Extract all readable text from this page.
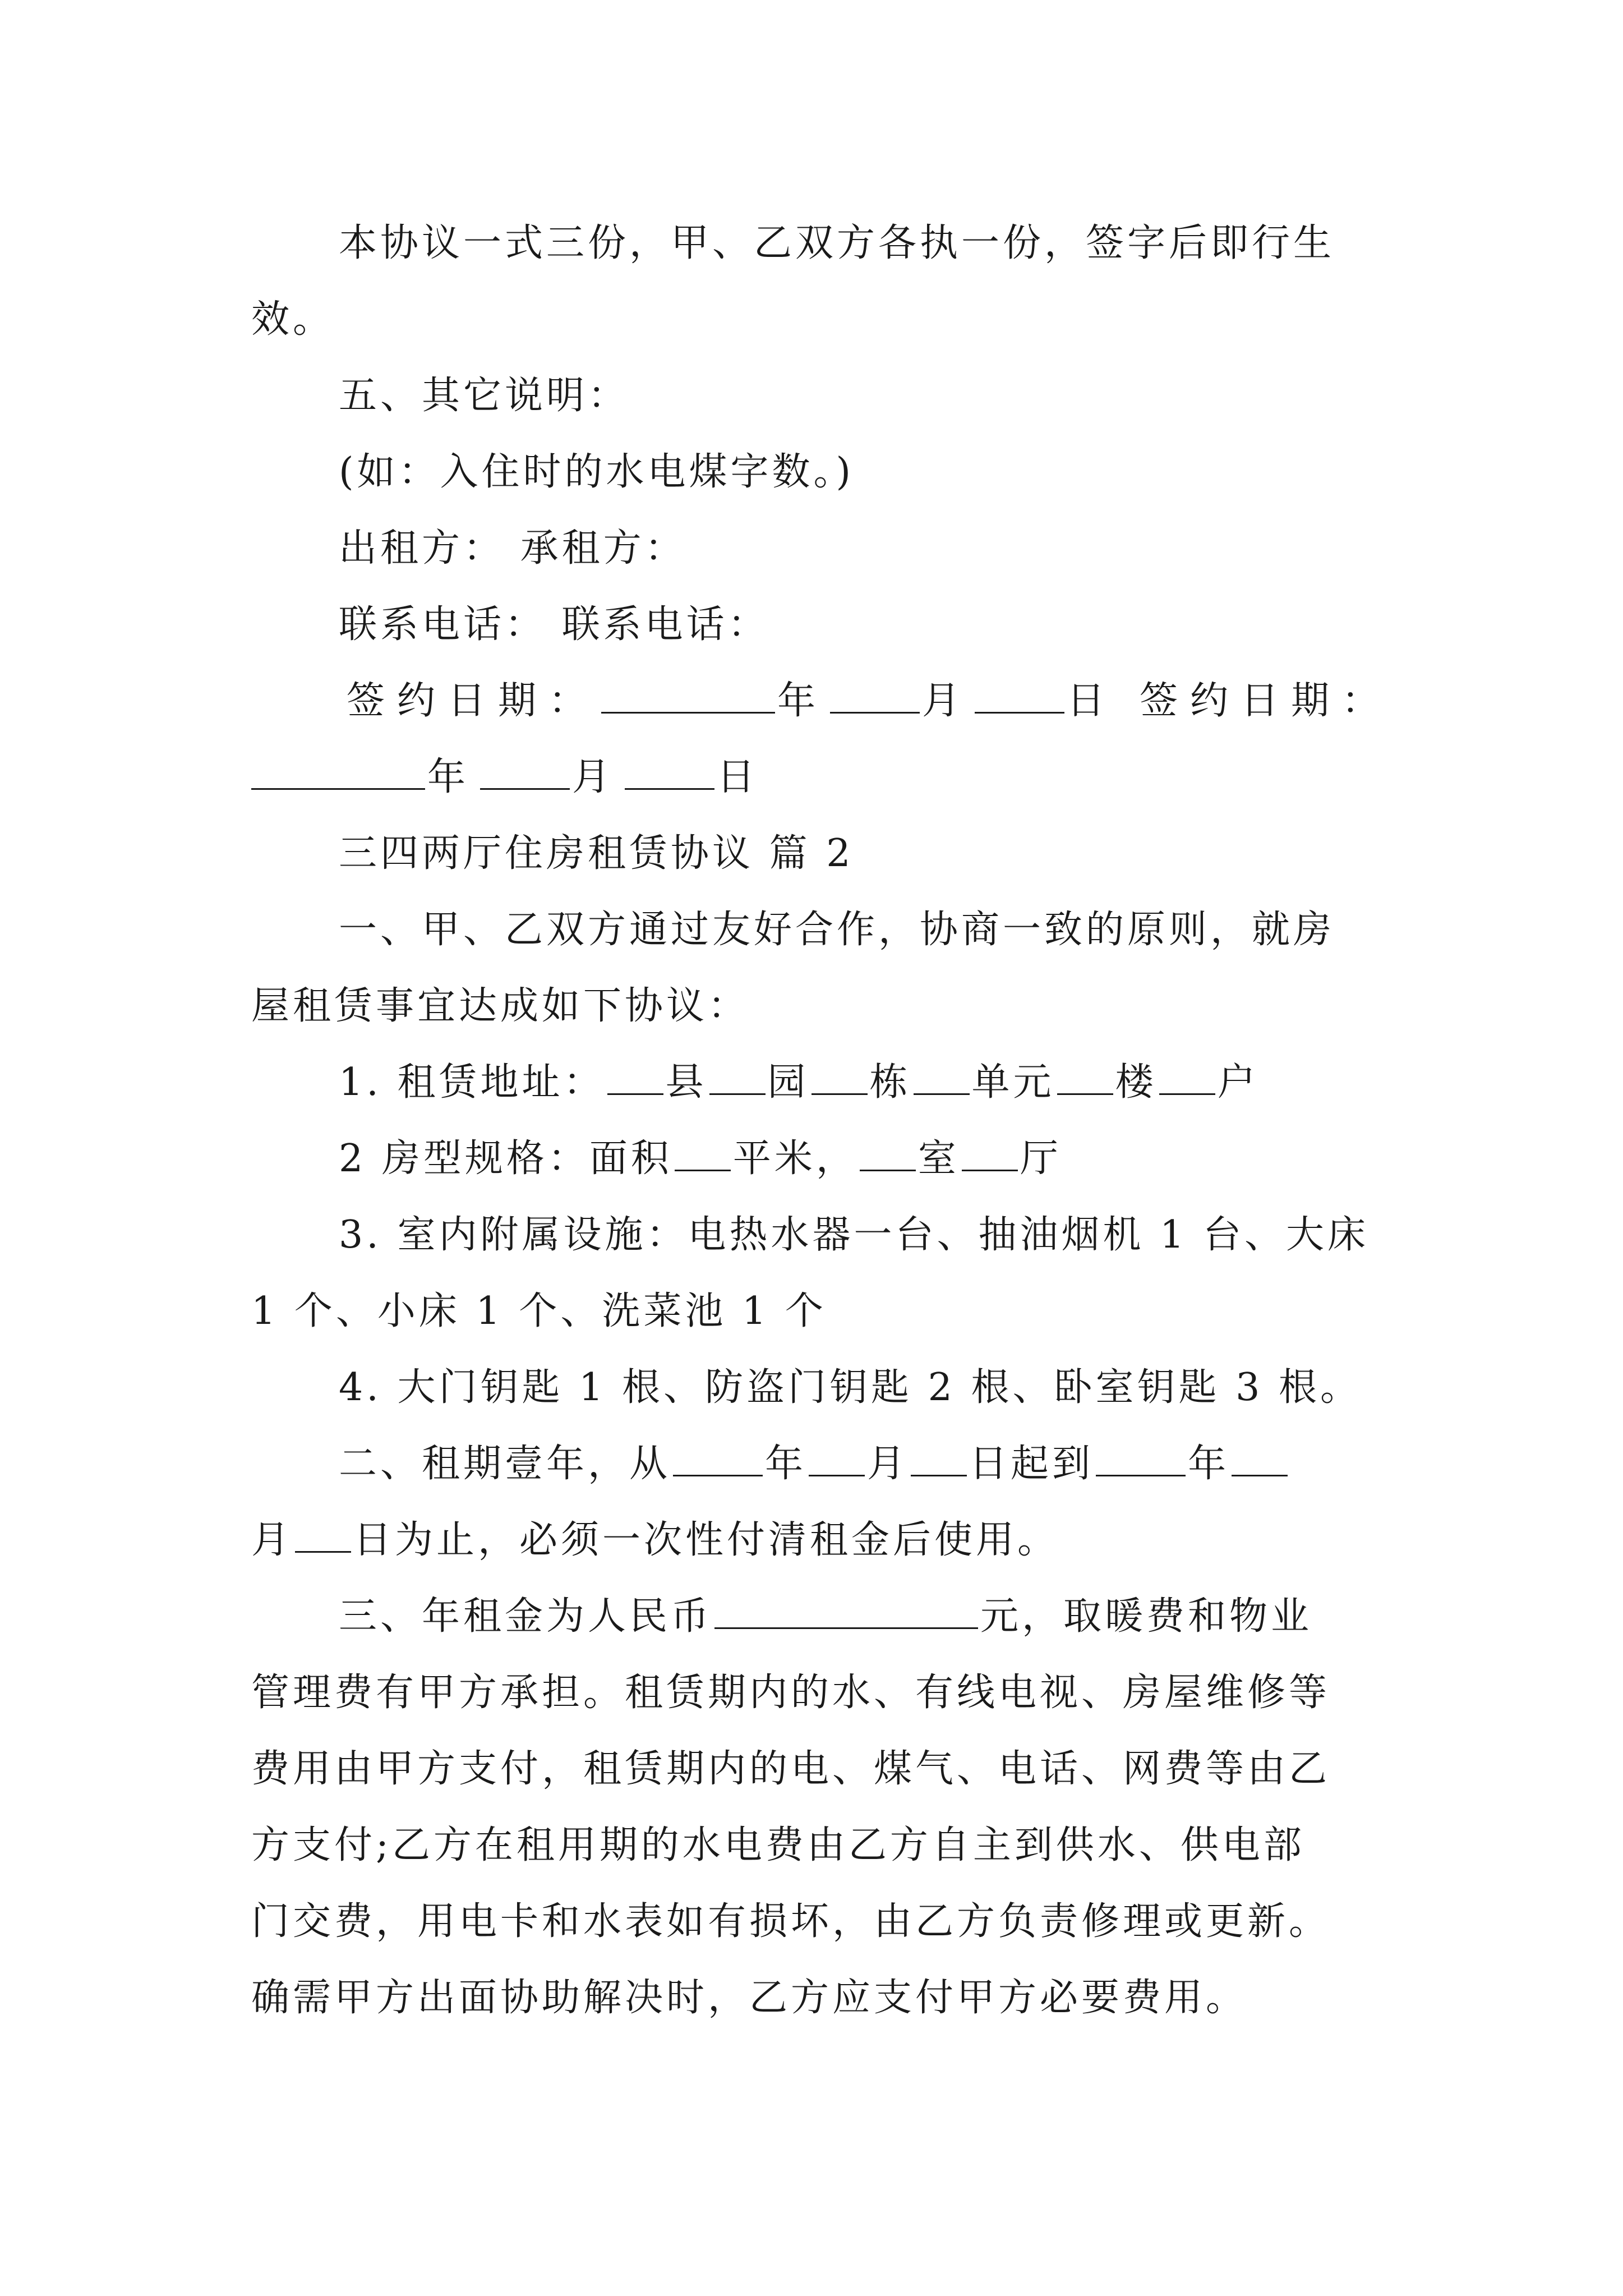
本协议一式三份，甲、乙双方各执一份，签字后即行生
效。
五、其它说明：
(如：入住时的水电煤字数。)
出租方： 承租方：
联系电话： 联系电话：
签约日期：	年 月 日 签约日期：
年 月 日
三四两厅住房租赁协议 篇 2
一、甲、乙双方通过友好合作，协商一致的原则，就房
屋租赁事宜达成如下协议：
1. 租赁地址： 县 园 栋 单元 楼 户
2 房型规格：面积 平米， 室 厅
3. 室内附属设施：电热水器一台、抽油烟机 1 台、大床
1 个、小床 1 个、洗菜池 1 个
4. 大门钥匙 1 根、防盗门钥匙 2 根、卧室钥匙 3 根。
二、租期壹年，从 年 月 日起到 年
月 日为止，必须一次性付清租金后使用。
三、年租金为人民币	元，取暖费和物业
管理费有甲方承担。租赁期内的水、有线电视、房屋维修等
费用由甲方支付，租赁期内的电、煤气、电话、网费等由乙
方支付;乙方在租用期的水电费由乙方自主到供水、供电部
门交费，用电卡和水表如有损坏，由乙方负责修理或更新。
确需甲方出面协助解决时，乙方应支付甲方必要费用。
